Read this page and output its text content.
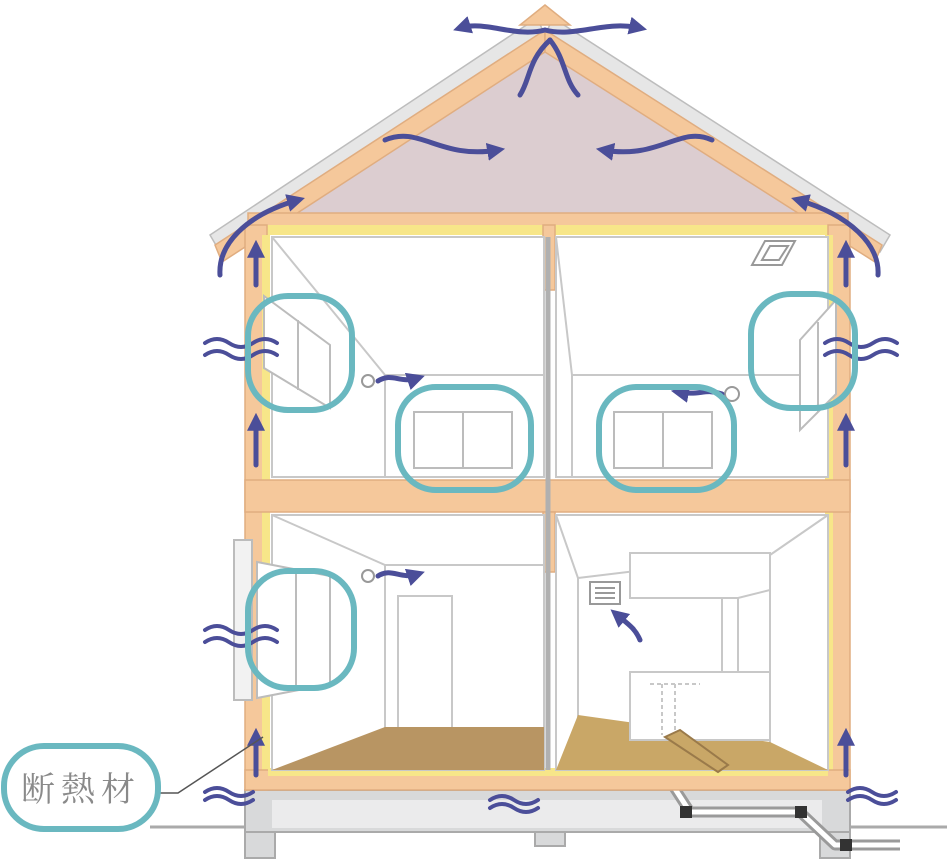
断熱材
